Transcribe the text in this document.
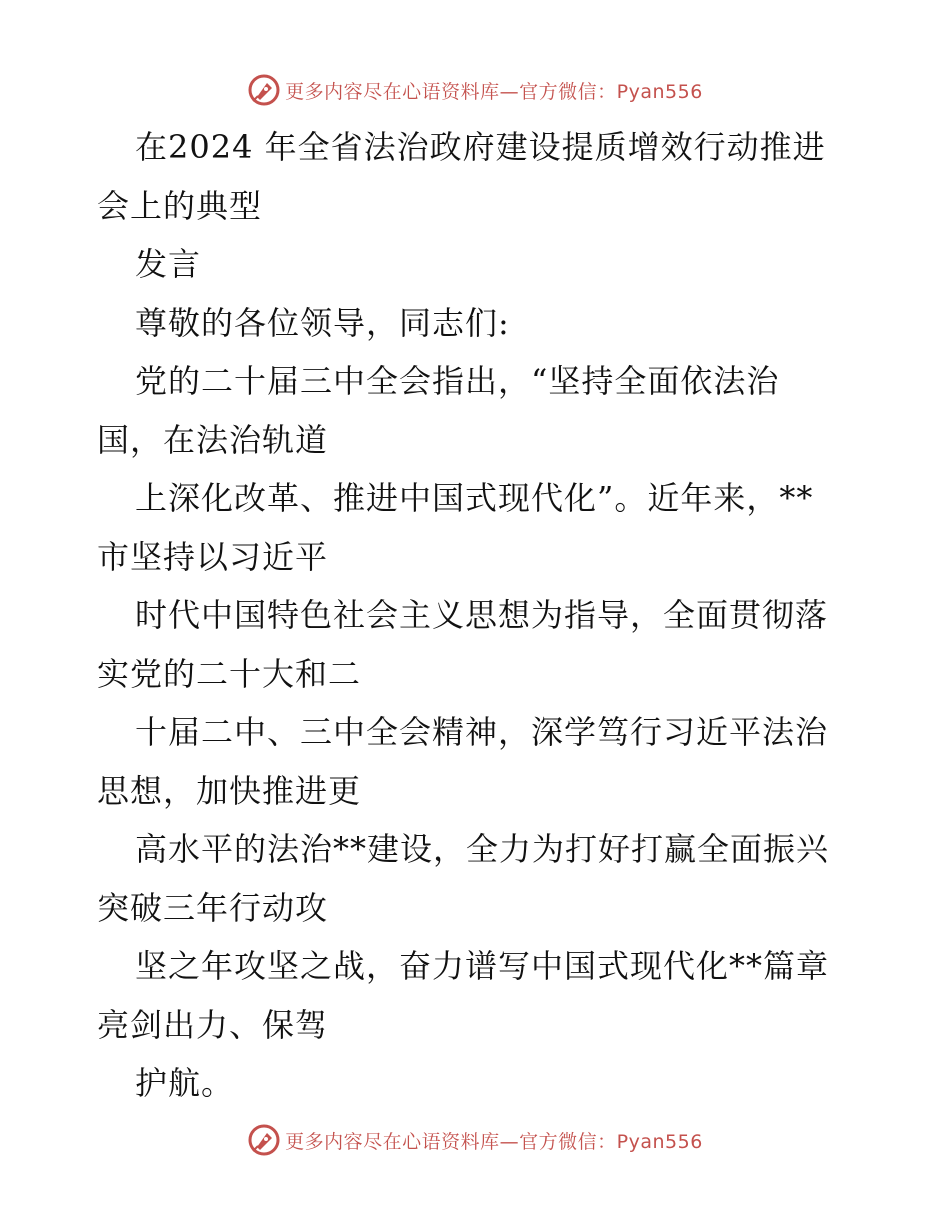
更多内容尽在心语资料库—官方微信：Pyan556
在2024 年全省法治政府建设提质增效行动推进
会上的典型
发言
尊敬的各位领导，同志们:
党的二十届三中全会指出，“坚持全面依法治
国，在法治轨道
上深化改革、推进中国式现代化”。近年来，**
市坚持以习近平
时代中国特色社会主义思想为指导，全面贯彻落
实党的二十大和二
十届二中、三中全会精神，深学笃行习近平法治
思想，加快推进更
高水平的法治**建设，全力为打好打赢全面振兴
突破三年行动攻
坚之年攻坚之战，奋力谱写中国式现代化**篇章
亮剑出力、保驾
护航。
更多内容尽在心语资料库—官方微信：Pyan556
